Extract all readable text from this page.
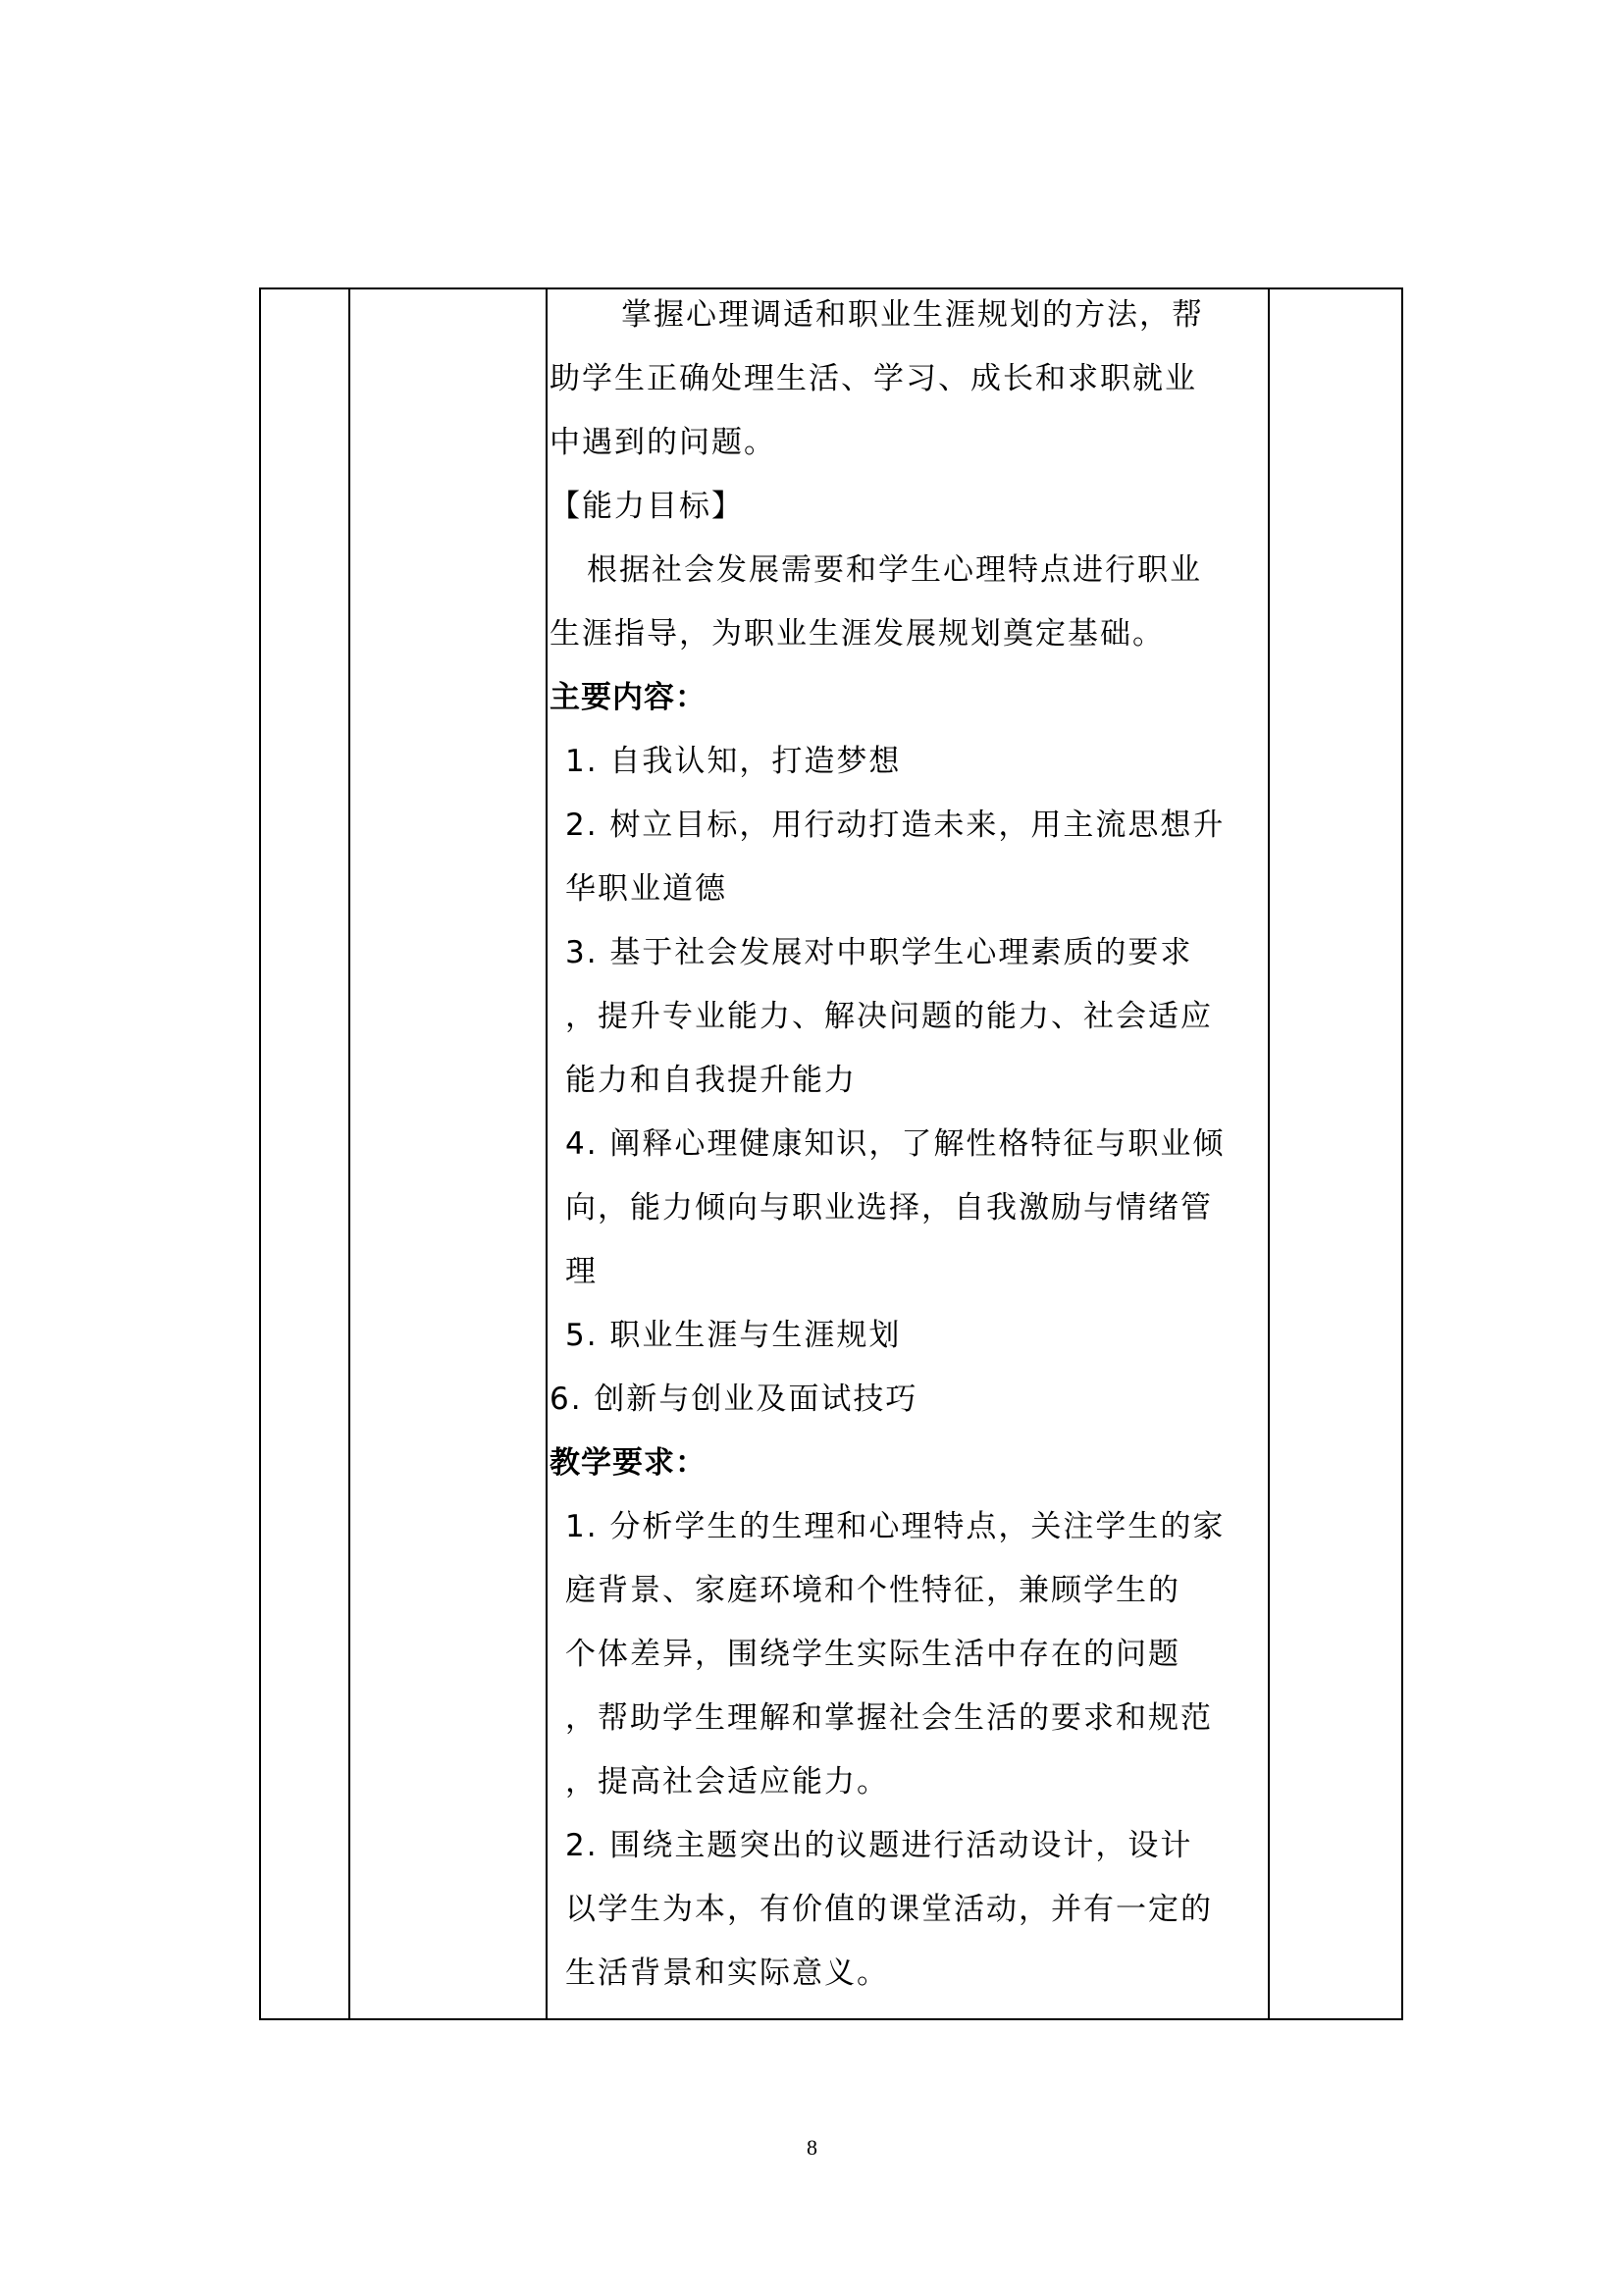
掌握心理调适和职业生涯规划的方法，帮
助学生正确处理生活、学习、成长和求职就业
中遇到的问题。
【能力目标】
根据社会发展需要和学生心理特点进行职业
生涯指导，为职业生涯发展规划奠定基础。
主要内容：
1. 自我认知，打造梦想
2. 树立目标，用行动打造未来，用主流思想升
华职业道德
3. 基于社会发展对中职学生心理素质的要求
，提升专业能力、解决问题的能力、社会适应
能力和自我提升能力
4. 阐释心理健康知识，了解性格特征与职业倾
向，能力倾向与职业选择，自我激励与情绪管
理
5. 职业生涯与生涯规划
6. 创新与创业及面试技巧
教学要求：
1. 分析学生的生理和心理特点，关注学生的家
庭背景、家庭环境和个性特征，兼顾学生的
个体差异，围绕学生实际生活中存在的问题
，帮助学生理解和掌握社会生活的要求和规范
，提高社会适应能力。
2. 围绕主题突出的议题进行活动设计，设计
以学生为本，有价值的课堂活动，并有一定的
生活背景和实际意义。
8
